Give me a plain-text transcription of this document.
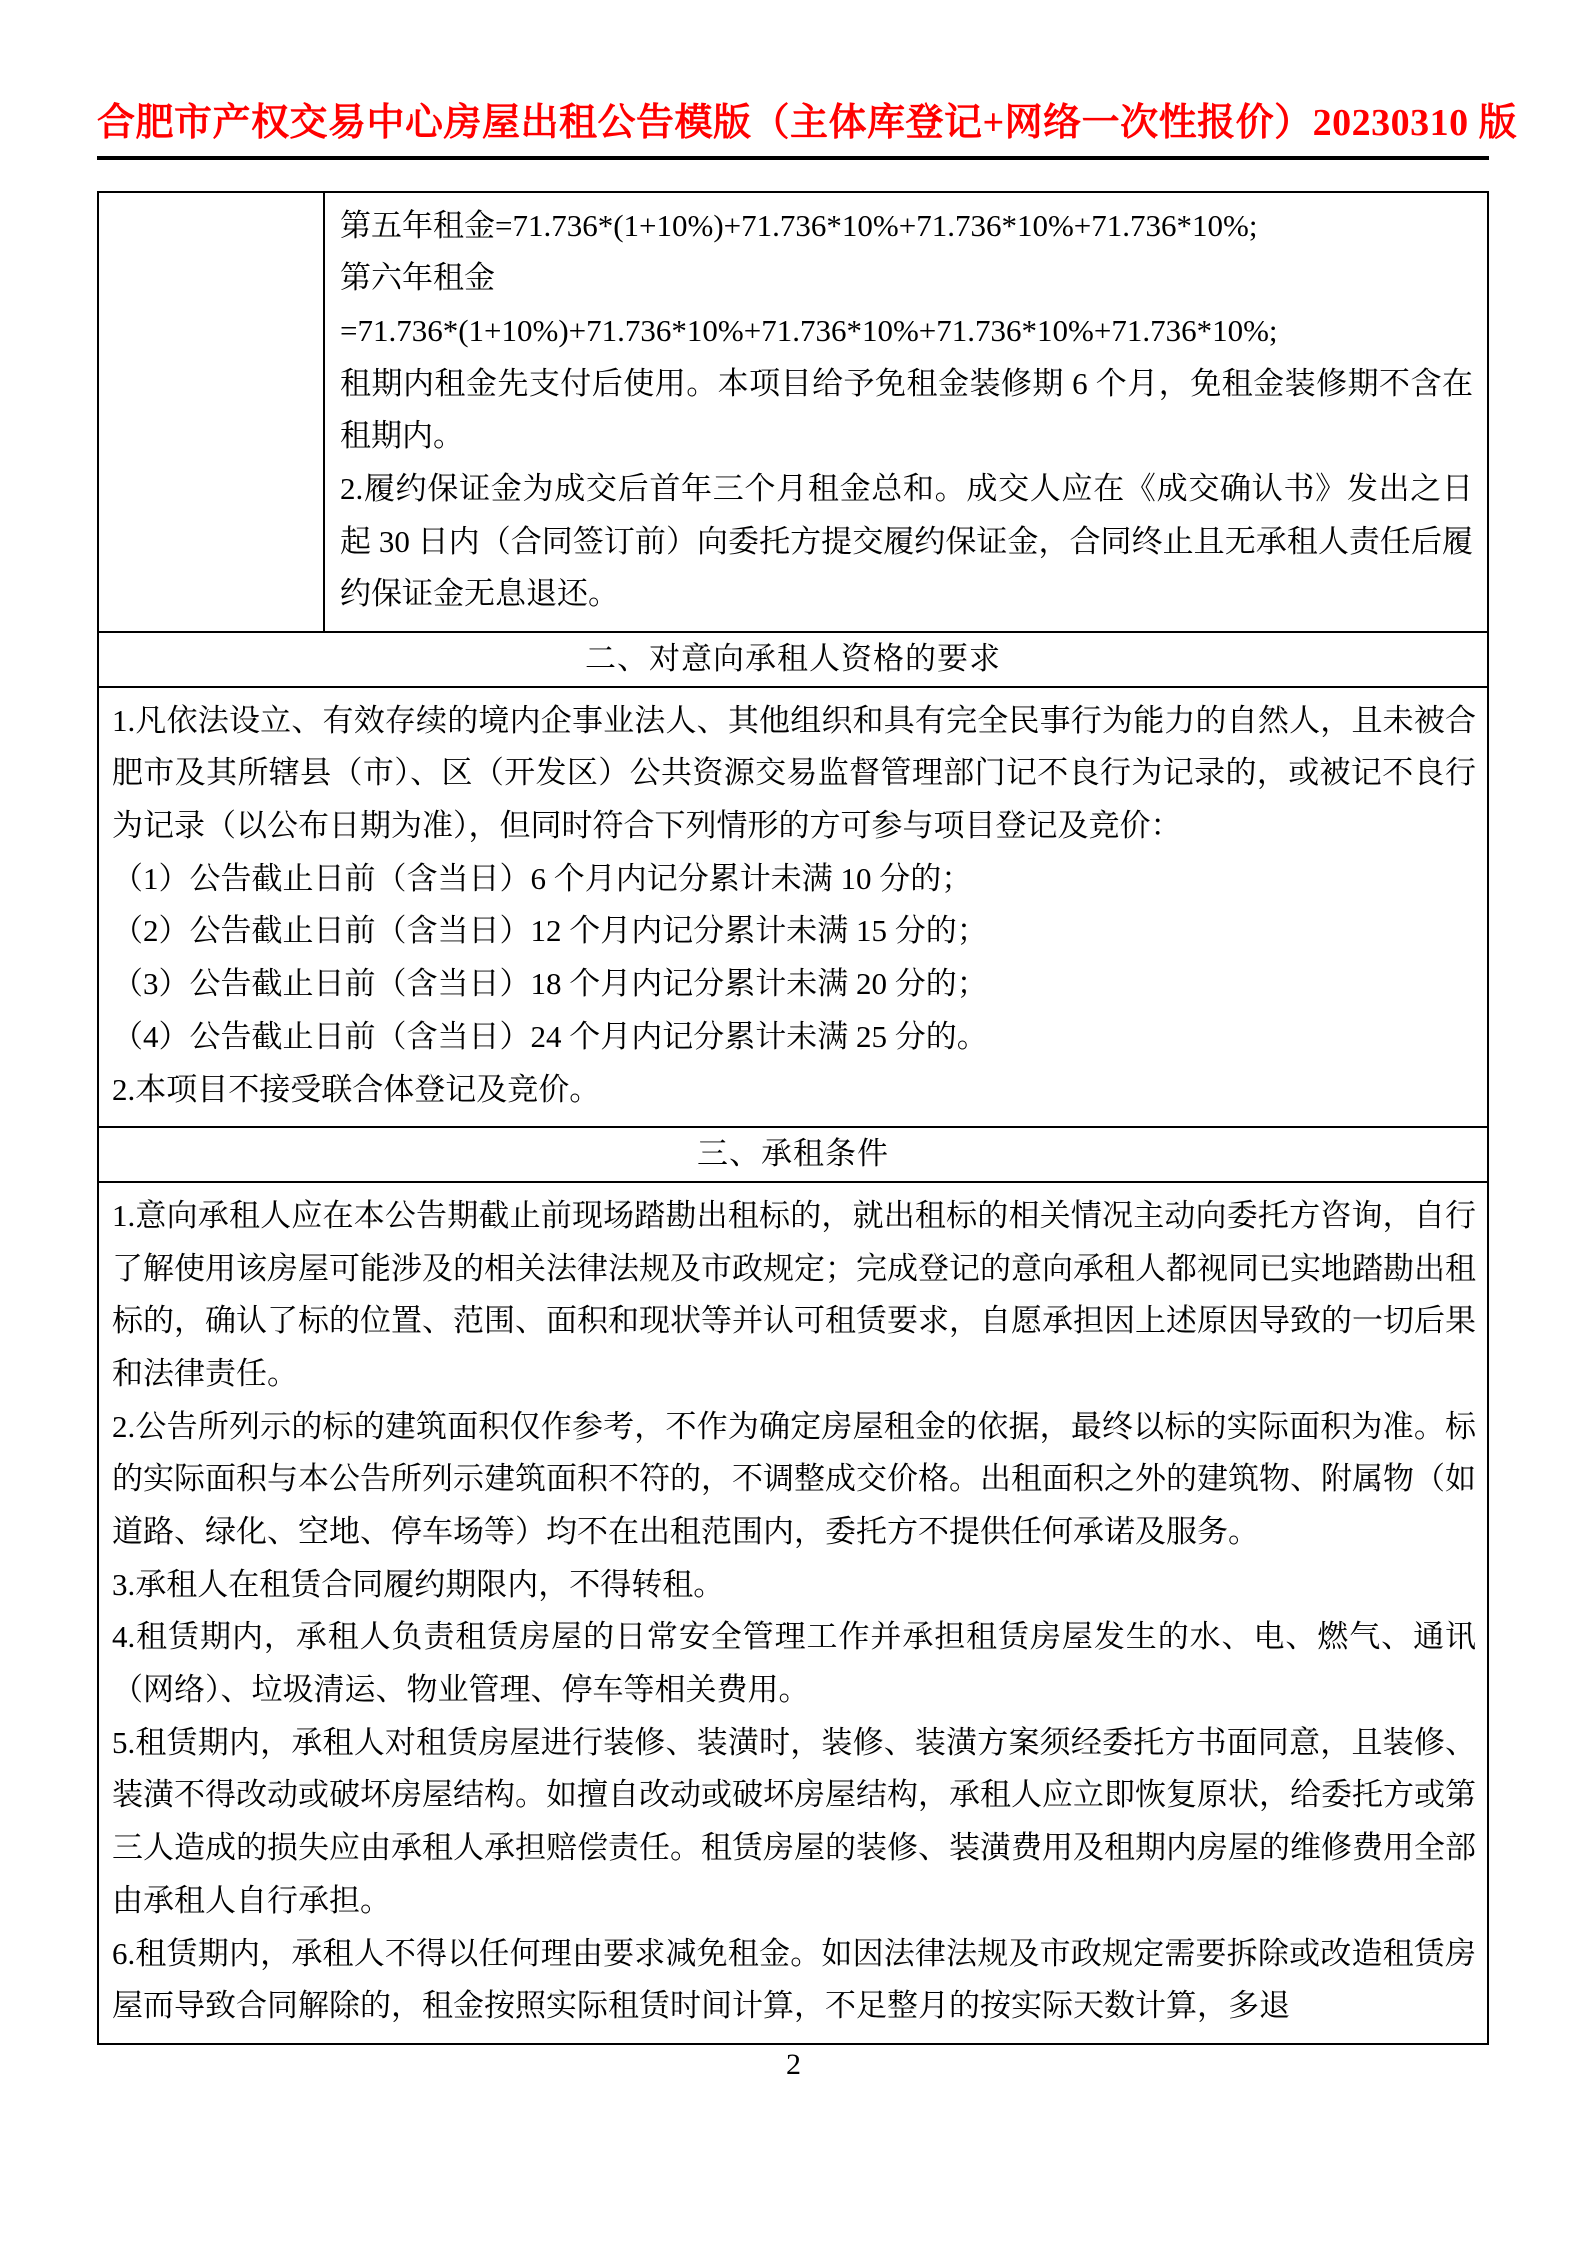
合肥市产权交易中心房屋出租公告模版（主体库登记+网络一次性报价）20230310 版

第五年租金=71.736*(1+10%)+71.736*10%+71.736*10%+71.736*10%;

第六年租金

=71.736*(1+10%)+71.736*10%+71.736*10%+71.736*10%+71.736*10%;

租期内租金先支付后使用。本项目给予免租金装修期 6 个月，免租金装修期不含在租期内。

2.履约保证金为成交后首年三个月租金总和。成交人应在《成交确认书》发出之日起 30 日内（合同签订前）向委托方提交履约保证金，合同终止且无承租人责任后履约保证金无息退还。

二、对意向承租人资格的要求

1.凡依法设立、有效存续的境内企事业法人、其他组织和具有完全民事行为能力的自然人，且未被合肥市及其所辖县（市）、区（开发区）公共资源交易监督管理部门记不良行为记录的，或被记不良行为记录（以公布日期为准），但同时符合下列情形的方可参与项目登记及竞价：

（1）公告截止日前（含当日）6 个月内记分累计未满 10 分的；

（2）公告截止日前（含当日）12 个月内记分累计未满 15 分的；

（3）公告截止日前（含当日）18 个月内记分累计未满 20 分的；

（4）公告截止日前（含当日）24 个月内记分累计未满 25 分的。

2.本项目不接受联合体登记及竞价。

三、承租条件

1.意向承租人应在本公告期截止前现场踏勘出租标的，就出租标的相关情况主动向委托方咨询，自行了解使用该房屋可能涉及的相关法律法规及市政规定；完成登记的意向承租人都视同已实地踏勘出租标的，确认了标的位置、范围、面积和现状等并认可租赁要求，自愿承担因上述原因导致的一切后果和法律责任。

2.公告所列示的标的建筑面积仅作参考，不作为确定房屋租金的依据，最终以标的实际面积为准。标的实际面积与本公告所列示建筑面积不符的，不调整成交价格。出租面积之外的建筑物、附属物（如道路、绿化、空地、停车场等）均不在出租范围内，委托方不提供任何承诺及服务。

3.承租人在租赁合同履约期限内，不得转租。

4.租赁期内，承租人负责租赁房屋的日常安全管理工作并承担租赁房屋发生的水、电、燃气、通讯（网络）、垃圾清运、物业管理、停车等相关费用。

5.租赁期内，承租人对租赁房屋进行装修、装潢时，装修、装潢方案须经委托方书面同意，且装修、装潢不得改动或破坏房屋结构。如擅自改动或破坏房屋结构，承租人应立即恢复原状，给委托方或第三人造成的损失应由承租人承担赔偿责任。租赁房屋的装修、装潢费用及租期内房屋的维修费用全部由承租人自行承担。

6.租赁期内，承租人不得以任何理由要求减免租金。如因法律法规及市政规定需要拆除或改造租赁房屋而导致合同解除的，租金按照实际租赁时间计算，不足整月的按实际天数计算，多退

2
